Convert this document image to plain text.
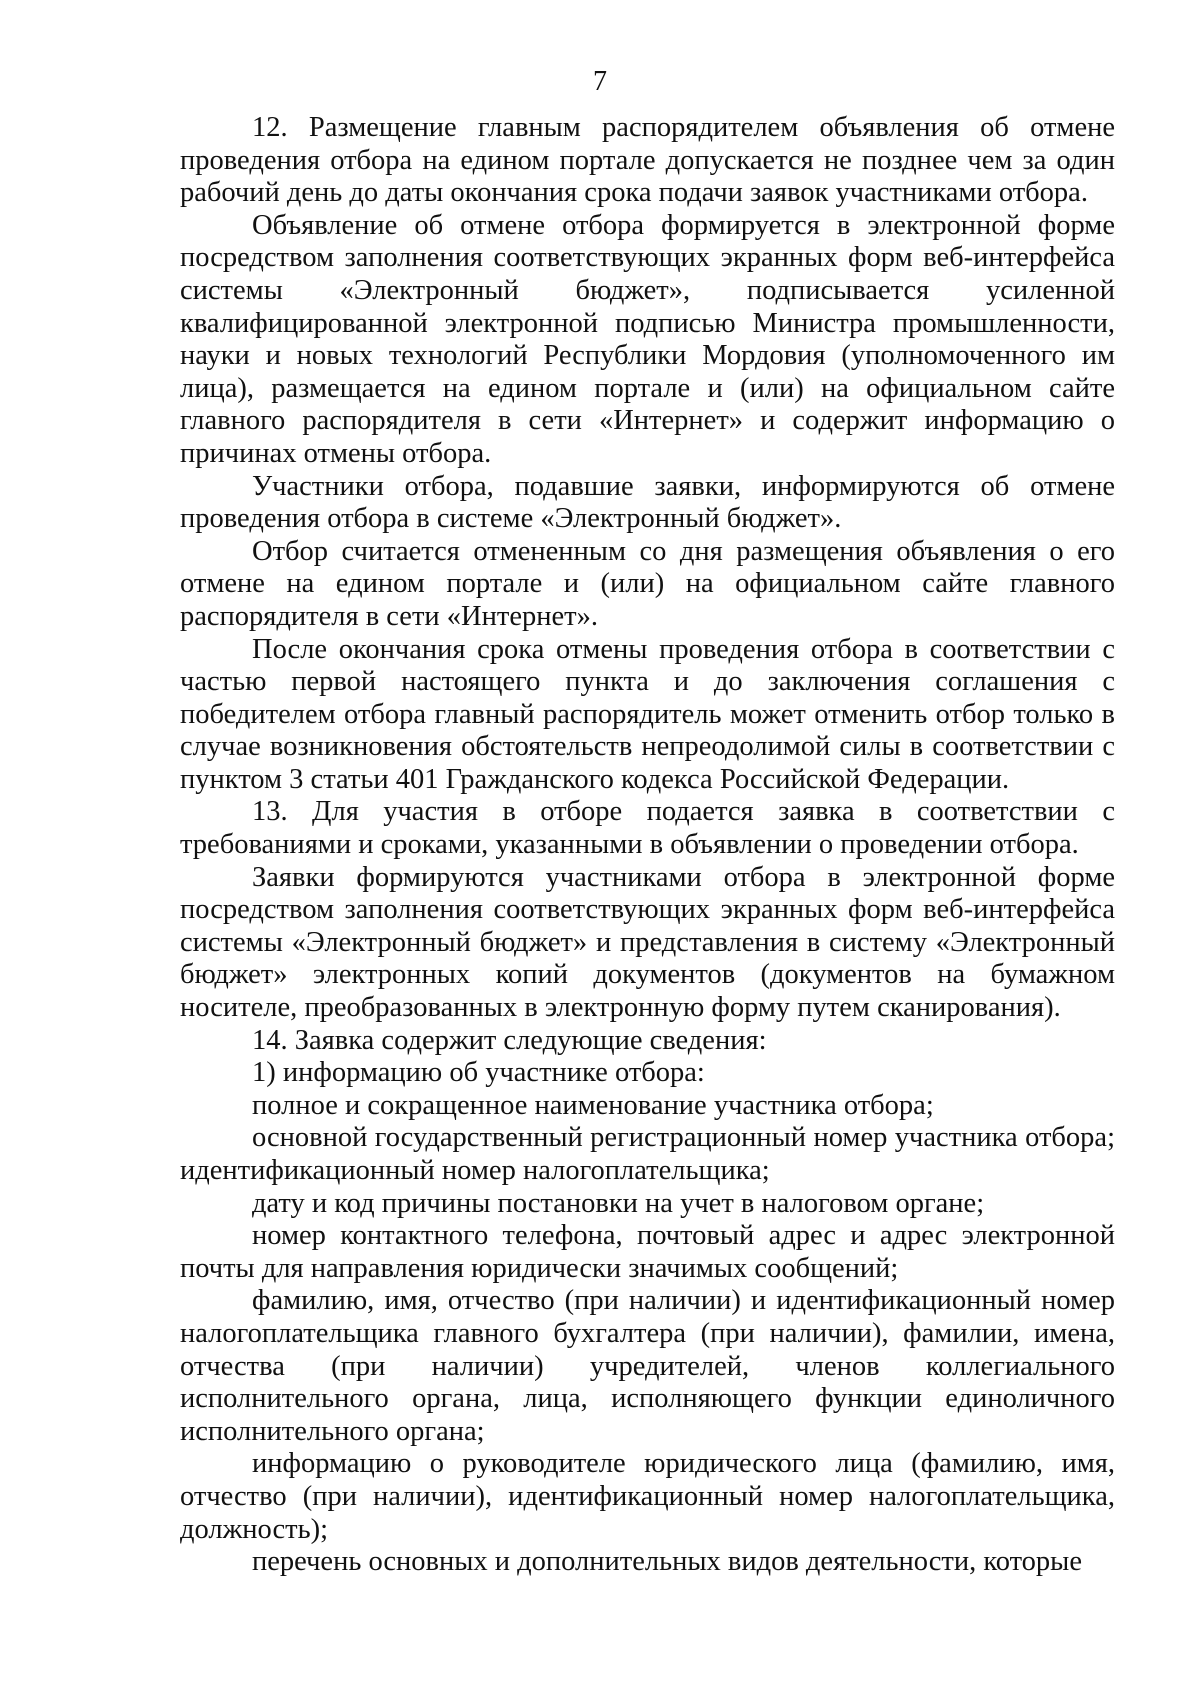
7

12. Размещение главным распорядителем объявления об отмене проведения отбора на едином портале допускается не позднее чем за один рабочий день до даты окончания срока подачи заявок участниками отбора.

Объявление об отмене отбора формируется в электронной форме посредством заполнения соответствующих экранных форм веб-интерфейса системы «Электронный бюджет», подписывается усиленной квалифицированной электронной подписью Министра промышленности, науки и новых технологий Республики Мордовия (уполномоченного им лица), размещается на едином портале и (или) на официальном сайте главного распорядителя в сети «Интернет» и содержит информацию о причинах отмены отбора.

Участники отбора, подавшие заявки, информируются об отмене проведения отбора в системе «Электронный бюджет».

Отбор считается отмененным со дня размещения объявления о его отмене на едином портале и (или) на официальном сайте главного распорядителя в сети «Интернет».

После окончания срока отмены проведения отбора в соответствии с частью первой настоящего пункта и до заключения соглашения с победителем отбора главный распорядитель может отменить отбор только в случае возникновения обстоятельств непреодолимой силы в соответствии с пунктом 3 статьи 401 Гражданского кодекса Российской Федерации.

13. Для участия в отборе подается заявка в соответствии с требованиями и сроками, указанными в объявлении о проведении отбора.

Заявки формируются участниками отбора в электронной форме посредством заполнения соответствующих экранных форм веб-интерфейса системы «Электронный бюджет» и представления в систему «Электронный бюджет» электронных копий документов (документов на бумажном носителе, преобразованных в электронную форму путем сканирования).

14. Заявка содержит следующие сведения:

1) информацию об участнике отбора:

полное и сокращенное наименование участника отбора;

основной государственный регистрационный номер участника отбора; идентификационный номер налогоплательщика;

дату и код причины постановки на учет в налоговом органе;

номер контактного телефона, почтовый адрес и адрес электронной почты для направления юридически значимых сообщений;

фамилию, имя, отчество (при наличии) и идентификационный номер налогоплательщика главного бухгалтера (при наличии), фамилии, имена, отчества (при наличии) учредителей, членов коллегиального исполнительного органа, лица, исполняющего функции единоличного исполнительного органа;

информацию о руководителе юридического лица (фамилию, имя, отчество (при наличии), идентификационный номер налогоплательщика, должность);

перечень основных и дополнительных видов деятельности, которые
